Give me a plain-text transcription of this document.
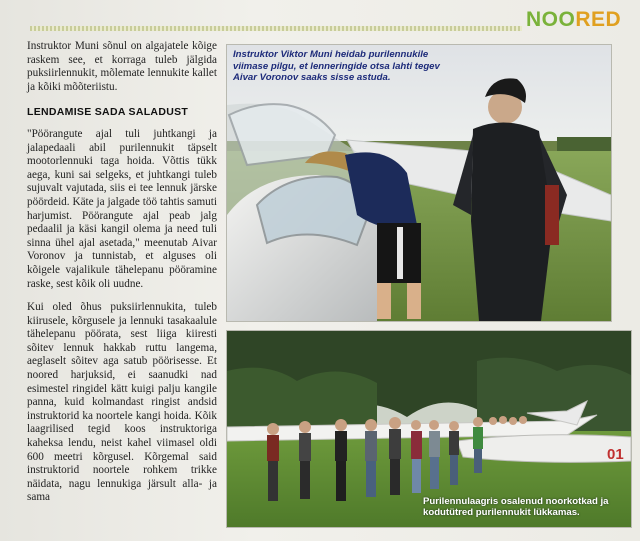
NOORED

Instruktor Muni sõnul on algajatele kõige raskem see, et korraga tuleb jälgida puksiirlennukit, mõlemate lennukite kallet ja kõiki mõõteriistu.

LENDAMISE SADA SALADUST

"Pöörangute ajal tuli juhtkangi ja jalapedaali abil purilennukit täpselt mootorlennuki taga hoida. Võttis tükk aega, kuni sai selgeks, et juhtkangi tuleb sujuvalt vajutada, siis ei tee lennuk järske pöördeid. Käte ja jalgade töö tahtis samuti harjumist. Pöörangute ajal peab jalg pedaalil ja käsi kangil olema ja need tuli sinna ühel ajal asetada," meenutab Aivar Voronov ja tunnistab, et alguses oli kõigele vajalikule tähelepanu pööramine raske, sest kõik oli uudne.

Kui oled õhus puksiirlennukita, tuleb kiirusele, kõrgusele ja lennuki tasakaalule tähelepanu pöörata, sest liiga kiiresti sõitev lennuk hakkab ruttu langema, aeglaselt sõitev aga satub pöörisesse. Et noored harjuksid, ei saanudki nad esimestel ringidel kätt kuigi palju kangile panna, kuid kolmandast ringist andsid instruktorid ka noortele kangi hoida. Kõik laagrilised tegid koos instruktoriga kaheksa lendu, neist kahel viimasel oldi 600 meetri kõrgusel. Kõrgemal said instruktorid noortele rohkem trikke näidata, nagu lennukiga järsult alla- ja sama

Instruktor Viktor Muni heidab purilennukile viimase pilgu, et lenneringide otsa lahti tegev Aivar Voronov saaks sisse astuda.
01
Purilennulaagris osalenud noorkotkad ja kodutütred purilennukit lükkamas.
